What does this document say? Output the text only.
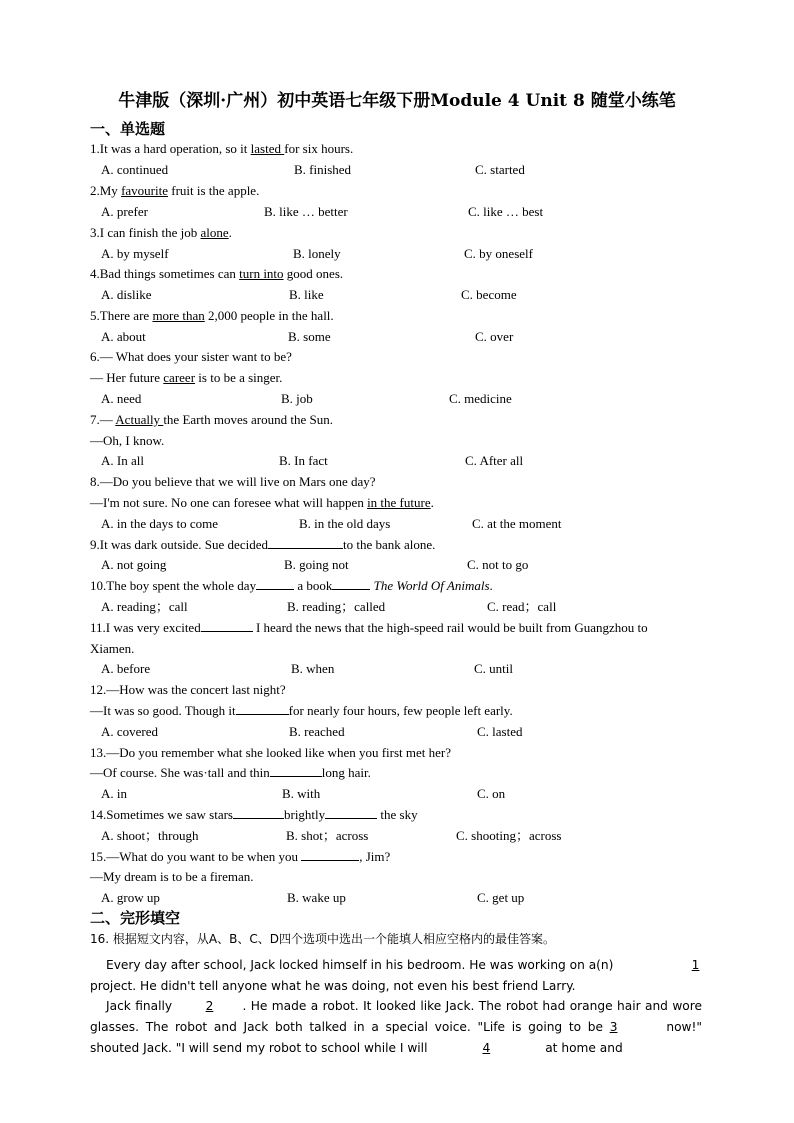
牛津版（深圳·广州）初中英语七年级下册Module 4 Unit 8 随堂小练笔
一、单选题
1.It was a hard operation, so it lasted for six hours.
A. continued	B. finished	C. started
2.My favourite fruit is the apple.
A. prefer	B. like … better	C. like … best
3.I can finish the job alone.
A. by myself	B. lonely	C. by oneself
4.Bad things sometimes can turn into good ones.
A. dislike	B. like	C. become
5.There are more than 2,000 people in the hall.
A. about	B. some	C. over
6.— What does your sister want to be?
— Her future career is to be a singer.
A. need	B. job	C. medicine
7.— Actually the Earth moves around the Sun.
—Oh, I know.
A. In all	B. In fact	C. After all
8.—Do you believe that we will live on Mars one day?
—I'm not sure. No one can foresee what will happen in the future.
A. in the days to come	B. in the old days	C. at the moment
9.It was dark outside. Sue decided	to the bank alone.
A. not going	B. going not	C. not to go
10.The boy spent the whole day	a book	The World Of Animals.
A. reading；call	B. reading；called	C. read；call
11.I was very excited	I heard the news that the high-speed rail would be built from Guangzhou to
Xiamen.
A. before	B. when	C. until
12.—How was the concert last night?
—It was so good. Though it	for nearly four hours, few people left early.
A. covered	B. reached	C. lasted
13.—Do you remember what she looked like when you first met her?
—Of course. She was·tall and thin	long hair.
A. in	B. with	C. on
14.Sometimes we saw stars	brightly	the sky
A. shoot；through	B. shot；across	C. shooting；across
15.—What do you want to be when you	, Jim?
—My dream is to be a fireman.
A. grow up	B. wake up	C. get up
二、完形填空
16. 根据短文内容，从A、B、C、D四个选项中选出一个能填人相应空格内的最佳答案。
Every day after school, Jack locked himself in his bedroom. He was working on a(n)	1
project. He didn't tell anyone what he was doing, not even his best friend Larry.
Jack finally 2 . He made a robot. It looked like Jack. The robot had orange hair and wore glasses. The robot and Jack both talked in a special voice. "Life is going to be 3	now!" shouted Jack. "I will send my robot to school while I will	4	at home and
